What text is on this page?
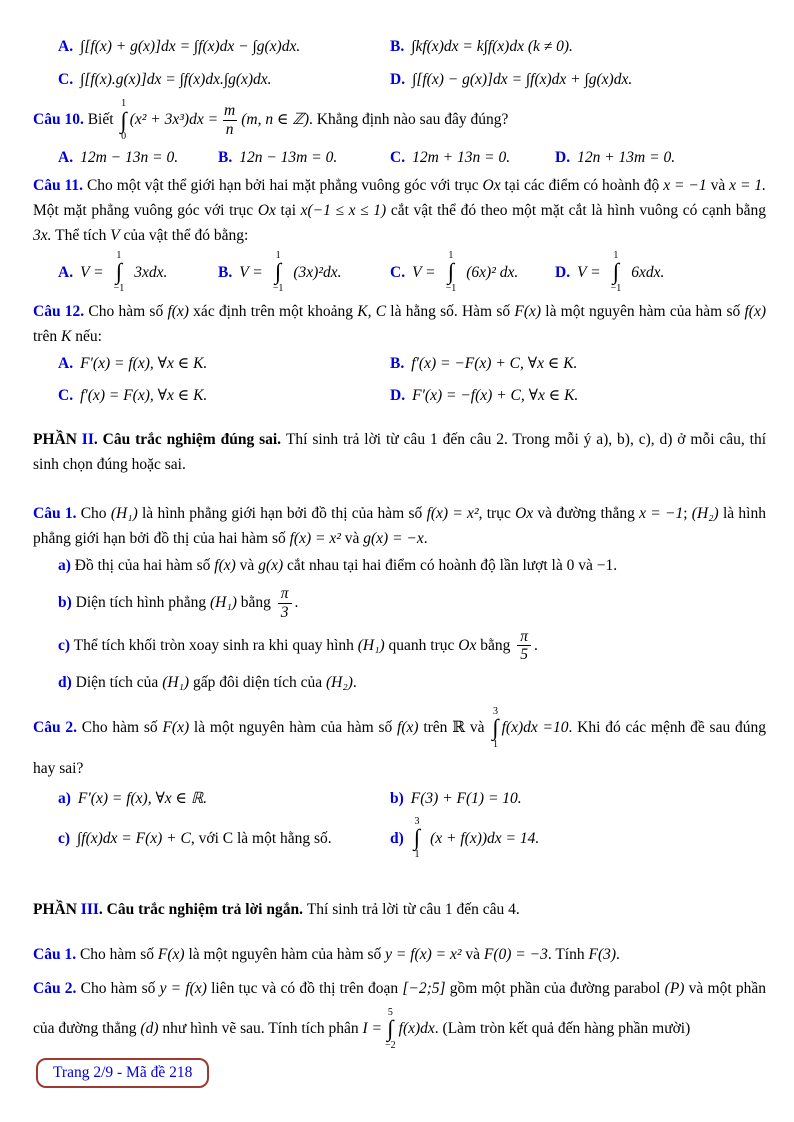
A. ∫[f(x) + g(x)]dx = ∫f(x)dx − ∫g(x)dx.	B. ∫kf(x)dx = k∫f(x)dx (k ≠ 0).
C. ∫[f(x).g(x)]dx = ∫f(x)dx.∫g(x)dx.	D. ∫[f(x) − g(x)]dx = ∫f(x)dx + ∫g(x)dx.
Câu 10. Biết
1
∫
0
$(x^2 + 3x^3)dx = \frac{m}{n} (m$, n ∈ ℤ). Khẳng định nào sau đây đúng?
A. 12m − 13n = 0.	B. 12n − 13m = 0.	C. 12m + 13n = 0.	D. 12n + 13m = 0.
Câu 11. Cho một vật thể giới hạn bởi hai mặt phẳng vuông góc với trục Ox tại các điểm có hoành độ x = −1 và x = 1. Một mặt phẳng vuông góc với trục Ox tại x(−1 ≤ x ≤ 1) cắt vật thể đó theo một mặt cắt là hình vuông có cạnh bằng 3x. Thể tích V của vật thể đó bằng:
A. V =
1
∫
−1
3xdx.	B. V =
1
∫
−1
(3x)²dx.	C. V =
1
∫
−1
(6x)² dx. D. V =
1
∫
−1
6xdx.
Câu 12. Cho hàm số f(x) xác định trên một khoảng K, C là hằng số. Hàm số F(x) là một nguyên hàm của hàm số f(x) trên K nếu:
A. F′(x) = f(x), ∀x ∈ K.	B. f′(x) = −F(x) + C, ∀x ∈ K.
C. f′(x) = F(x), ∀x ∈ K.	D. F′(x) = −f(x) + C, ∀x ∈ K.
PHẦN II. Câu trắc nghiệm đúng sai. Thí sinh trả lời từ câu 1 đến câu 2. Trong mỗi ý a), b), c), d) ở mỗi câu, thí sinh chọn đúng hoặc sai.
Câu 1. Cho (H₁) là hình phẳng giới hạn bởi đồ thị của hàm số f(x) = x², trục Ox và đường thẳng x = −1; (H₂) là hình phẳng giới hạn bởi đồ thị của hai hàm số f(x) = x² và g(x) = −x.
a) Đồ thị của hai hàm số f(x) và g(x) cắt nhau tại hai điểm có hoành độ lần lượt là 0 và −1.
b) Diện tích hình phẳng (H₁) bằng $\frac{\pi}{3}$ .
c) Thể tích khối tròn xoay sinh ra khi quay hình (H₁) quanh trục Ox bằng $\frac{\pi}{5}$ .
d) Diện tích của (H₁) gấp đôi diện tích của (H₂).
Câu 2. Cho hàm số F(x) là một nguyên hàm của hàm số f(x) trên ℝ và
3
∫
1
f(x)dx =10. Khi đó các mệnh đề sau đúng hay sai?
a) F′(x) = f(x), ∀x ∈ ℝ.	b) F(3) + F(1) = 10.
c) ∫f(x)dx = F(x) + C, với C là một hằng số.	d)
3
∫
1
(x + f(x))dx = 14.
PHẦN III. Câu trắc nghiệm trả lời ngắn. Thí sinh trả lời từ câu 1 đến câu 4.
Câu 1. Cho hàm số F(x) là một nguyên hàm của hàm số y = f(x) = x² và F(0) = −3. Tính F(3).
Câu 2. Cho hàm số y = f(x) liên tục và có đồ thị trên đoạn [−2;5] gồm một phần của đường parabol (P) và một phần của đường thẳng (d) như hình vẽ sau. Tính tích phân I =
5
∫
−2
f(x)dx. (Làm tròn kết quả đến hàng phần mười)
Trang 2/9 - Mã đề 218
